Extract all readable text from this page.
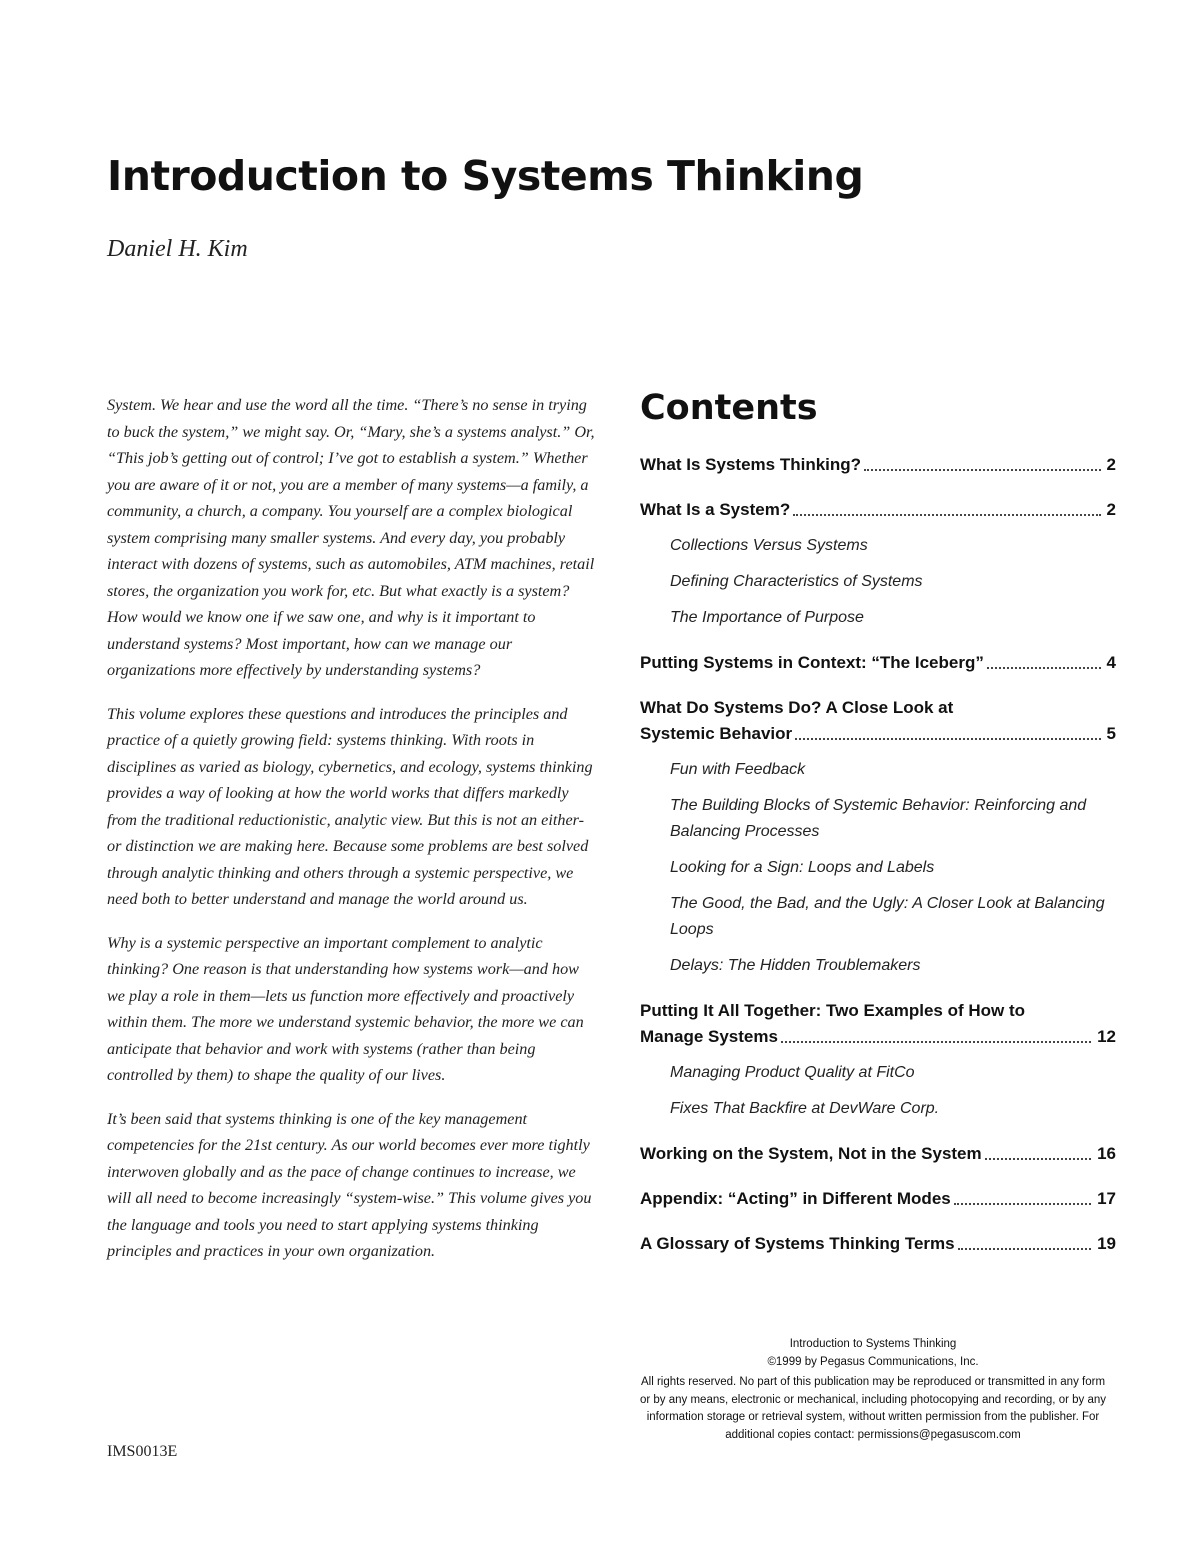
Introduction to Systems Thinking
Daniel H. Kim

System. We hear and use the word all the time. “There’s no sense in trying to buck the system,” we might say. Or, “Mary, she’s a systems analyst.” Or, “This job’s getting out of control; I’ve got to establish a system.” Whether you are aware of it or not, you are a member of many systems—a family, a community, a church, a company. You yourself are a complex biological system comprising many smaller systems. And every day, you probably interact with dozens of systems, such as automobiles, ATM machines, retail stores, the organization you work for, etc. But what exactly is a system? How would we know one if we saw one, and why is it important to understand systems? Most important, how can we manage our organizations more effectively by understanding systems?

This volume explores these questions and introduces the principles and practice of a quietly growing field: systems thinking. With roots in disciplines as varied as biology, cybernetics, and ecology, systems thinking provides a way of looking at how the world works that differs markedly from the traditional reductionistic, analytic view. But this is not an either-or distinction we are making here. Because some problems are best solved through analytic thinking and others through a systemic perspective, we need both to better understand and manage the world around us.

Why is a systemic perspective an important complement to analytic thinking? One reason is that understanding how systems work—and how we play a role in them—lets us function more effectively and proactively within them. The more we understand systemic behavior, the more we can anticipate that behavior and work with systems (rather than being controlled by them) to shape the quality of our lives.

It’s been said that systems thinking is one of the key management competencies for the 21st century. As our world becomes ever more tightly interwoven globally and as the pace of change continues to increase, we will all need to become increasingly “system-wise.” This volume gives you the language and tools you need to start applying systems thinking principles and practices in your own organization.

IMS0013E
Contents
What Is Systems Thinking?	2
What Is a System?	2
Collections Versus Systems
Defining Characteristics of Systems
The Importance of Purpose
Putting Systems in Context: “The Iceberg”	4
What Do Systems Do? A Close Look at
Systemic Behavior	5
Fun with Feedback
The Building Blocks of Systemic Behavior: Reinforcing and Balancing Processes
Looking for a Sign: Loops and Labels
The Good, the Bad, and the Ugly: A Closer Look at Balancing Loops
Delays: The Hidden Troublemakers
Putting It All Together: Two Examples of How to
Manage Systems	12
Managing Product Quality at FitCo
Fixes That Backfire at DevWare Corp.
Working on the System, Not in the System	16
Appendix: “Acting” in Different Modes	17
A Glossary of Systems Thinking Terms	19
Introduction to Systems Thinking
©1999 by Pegasus Communications, Inc.
All rights reserved. No part of this publication may be reproduced or transmitted in any form or by any means, electronic or mechanical, including photocopying and recording, or by any information storage or retrieval system, without written permission from the publisher. For additional copies contact: permissions@pegasuscom.com
